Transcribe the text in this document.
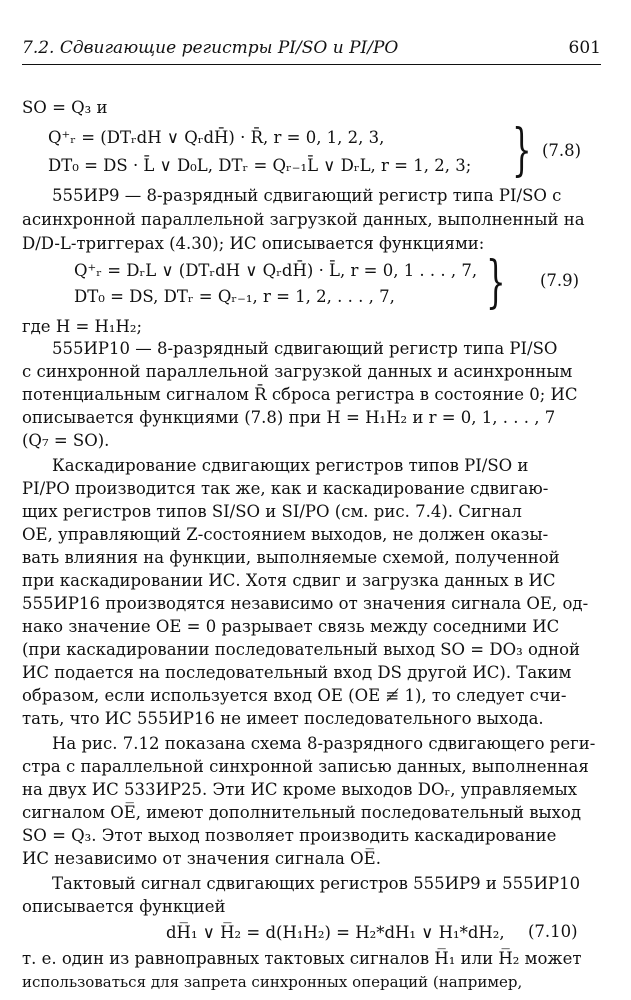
7.2. Сдвигающие регистры PI/SO и PI/PO	601
SO = Q₃ и
Q⁺ᵣ = (DTᵣdH ∨ QᵣdH̄) · R̄, r = 0, 1, 2, 3,
DT₀ = DS · L̄ ∨ D₀L, DTᵣ = Qᵣ₋₁L̄ ∨ DᵣL, r = 1, 2, 3; } (7.8)
555ИР9 — 8-разрядный сдвигающий регистр типа PI/SO с
асинхронной параллельной загрузкой данных, выполненный на
D/D-L-триггерах (4.30); ИС описывается функциями:
Q⁺ᵣ = DᵣL ∨ (DTᵣdH ∨ QᵣdH̄) · L̄, r = 0, 1 . . . , 7,
DT₀ = DS, DTᵣ = Qᵣ₋₁, r = 1, 2, . . . , 7, } (7.9)
где H = H₁H₂;
555ИР10 — 8-разрядный сдвигающий регистр типа PI/SO
с синхронной параллельной загрузкой данных и асинхронным
потенциальным сигналом R̄ сброса регистра в состояние 0; ИС
описывается функциями (7.8) при H = H₁H₂ и r = 0, 1, . . . , 7
(Q₇ = SO).
Каскадирование сдвигающих регистров типов PI/SO и
PI/PO производится так же, как и каскадирование сдвигаю-
щих регистров типов SI/SO и SI/PO (см. рис. 7.4). Сигнал
OE, управляющий Z-состоянием выходов, не должен оказы-
вать влияния на функции, выполняемые схемой, полученной
при каскадировании ИС. Хотя сдвиг и загрузка данных в ИС
555ИР16 производятся независимо от значения сигнала OE, од-
нако значение OE = 0 разрывает связь между соседними ИС
(при каскадировании последовательный выход SO = DO₃ одной
ИС подается на последовательный вход DS другой ИС). Таким
образом, если используется вход OE (OE ≢ 1), то следует счи-
тать, что ИС 555ИР16 не имеет последовательного выхода.
На рис. 7.12 показана схема 8-разрядного сдвигающего реги-
стра с параллельной синхронной записью данных, выполненная
на двух ИС 533ИР25. Эти ИС кроме выходов DOᵣ, управляемых
сигналом OE̅, имеют дополнительный последовательный выход
SO = Q₃. Этот выход позволяет производить каскадирование
ИС независимо от значения сигнала OE̅.
Тактовый сигнал сдвигающих регистров 555ИР9 и 555ИР10
описывается функцией
dH̅₁ ∨ H̅₂ = d(H₁H₂) = H₂*dH₁ ∨ H₁*dH₂, (7.10)
т. е. один из равноправных тактовых сигналов H̅₁ или H̅₂ может
использоваться для запрета синхронных операций (например,
